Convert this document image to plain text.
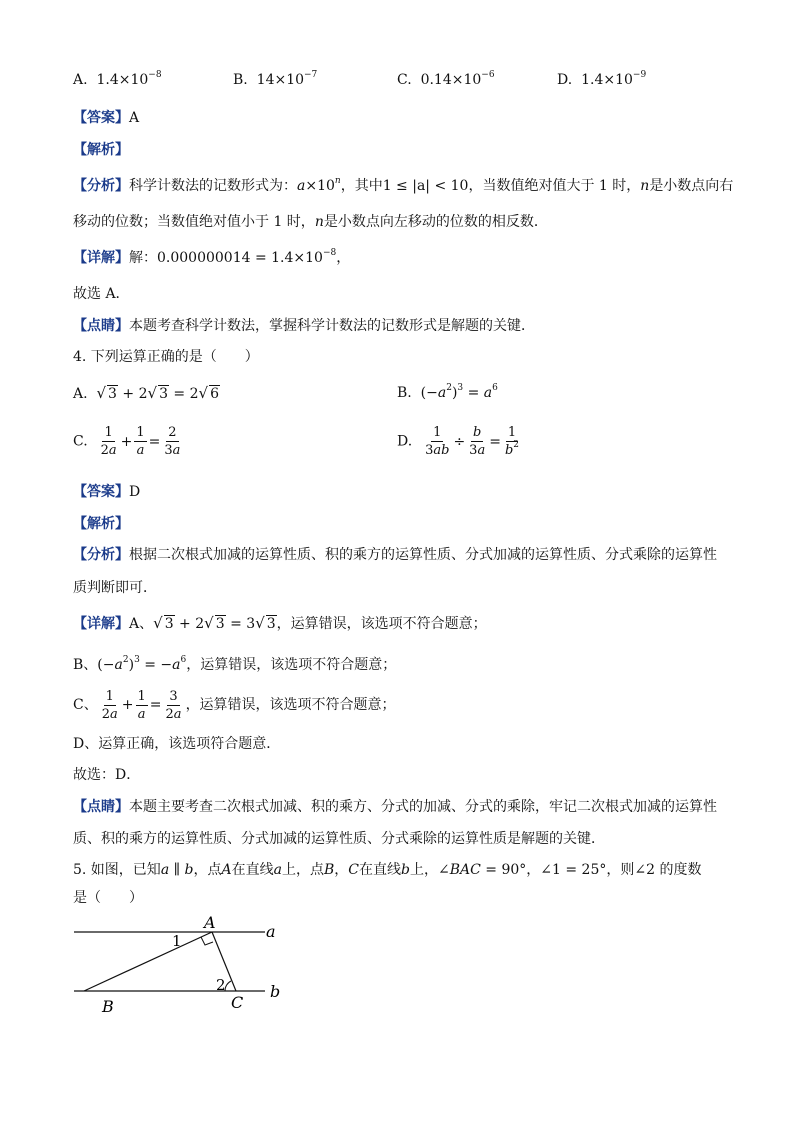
A. $1.4\times 10^{-8}$	B. $14\times 10^{-7}$	C. $0.14\times 10^{-6}$	D. $1.4\times 10^{-9}$
【答案】A
【解析】
【分析】科学计数法的记数形式为：$a\times 10^n$，其中1 ≤ |a| < 10，当数值绝对值大于 1 时，n是小数点向右
移动的位数；当数值绝对值小于 1 时，n是小数点向左移动的位数的相反数．
【详解】解：$0.000000014 = 1.4\times 10^{-8}$，
故选 A．
【点睛】本题考查科学计数法，掌握科学计数法的记数形式是解题的关键．
4. 下列运算正确的是（　　）
A.  √ 3 + 2√ 3 = 2√ 6	B.  $(-a^2)^3 = a^6$
C. $\frac{1}{2a} + \frac{1}{a} = \frac{2}{3a}$	D. $\frac{1}{3ab} \div \frac{b}{3a} = \frac{1}{b^2}$
【答案】D
【解析】
【分析】根据二次根式加减的运算性质、积的乘方的运算性质、分式加减的运算性质、分式乘除的运算性
质判断即可．
【详解】A、√ 3 + 2√ 3 = 3√ 3，运算错误，该选项不符合题意；
B、$(-a^2)^3 = -a^6$，运算错误，该选项不符合题意；
C、 $\frac{1}{2a} + \frac{1}{a} = \frac{3}{2a}$ ，运算错误，该选项不符合题意；
D、运算正确，该选项符合题意．
故选：D．
【点睛】本题主要考查二次根式加减、积的乘方、分式的加减、分式的乘除，牢记二次根式加减的运算性
质、积的乘方的运算性质、分式加减的运算性质、分式乘除的运算性质是解题的关键．
5. 如图，已知a ∥ b，点A在直线a上，点B，C在直线b上，∠BAC = 90°，∠1 = 25°，则∠2 的度数
是（　　）
A
B	C
a
b
1
2
